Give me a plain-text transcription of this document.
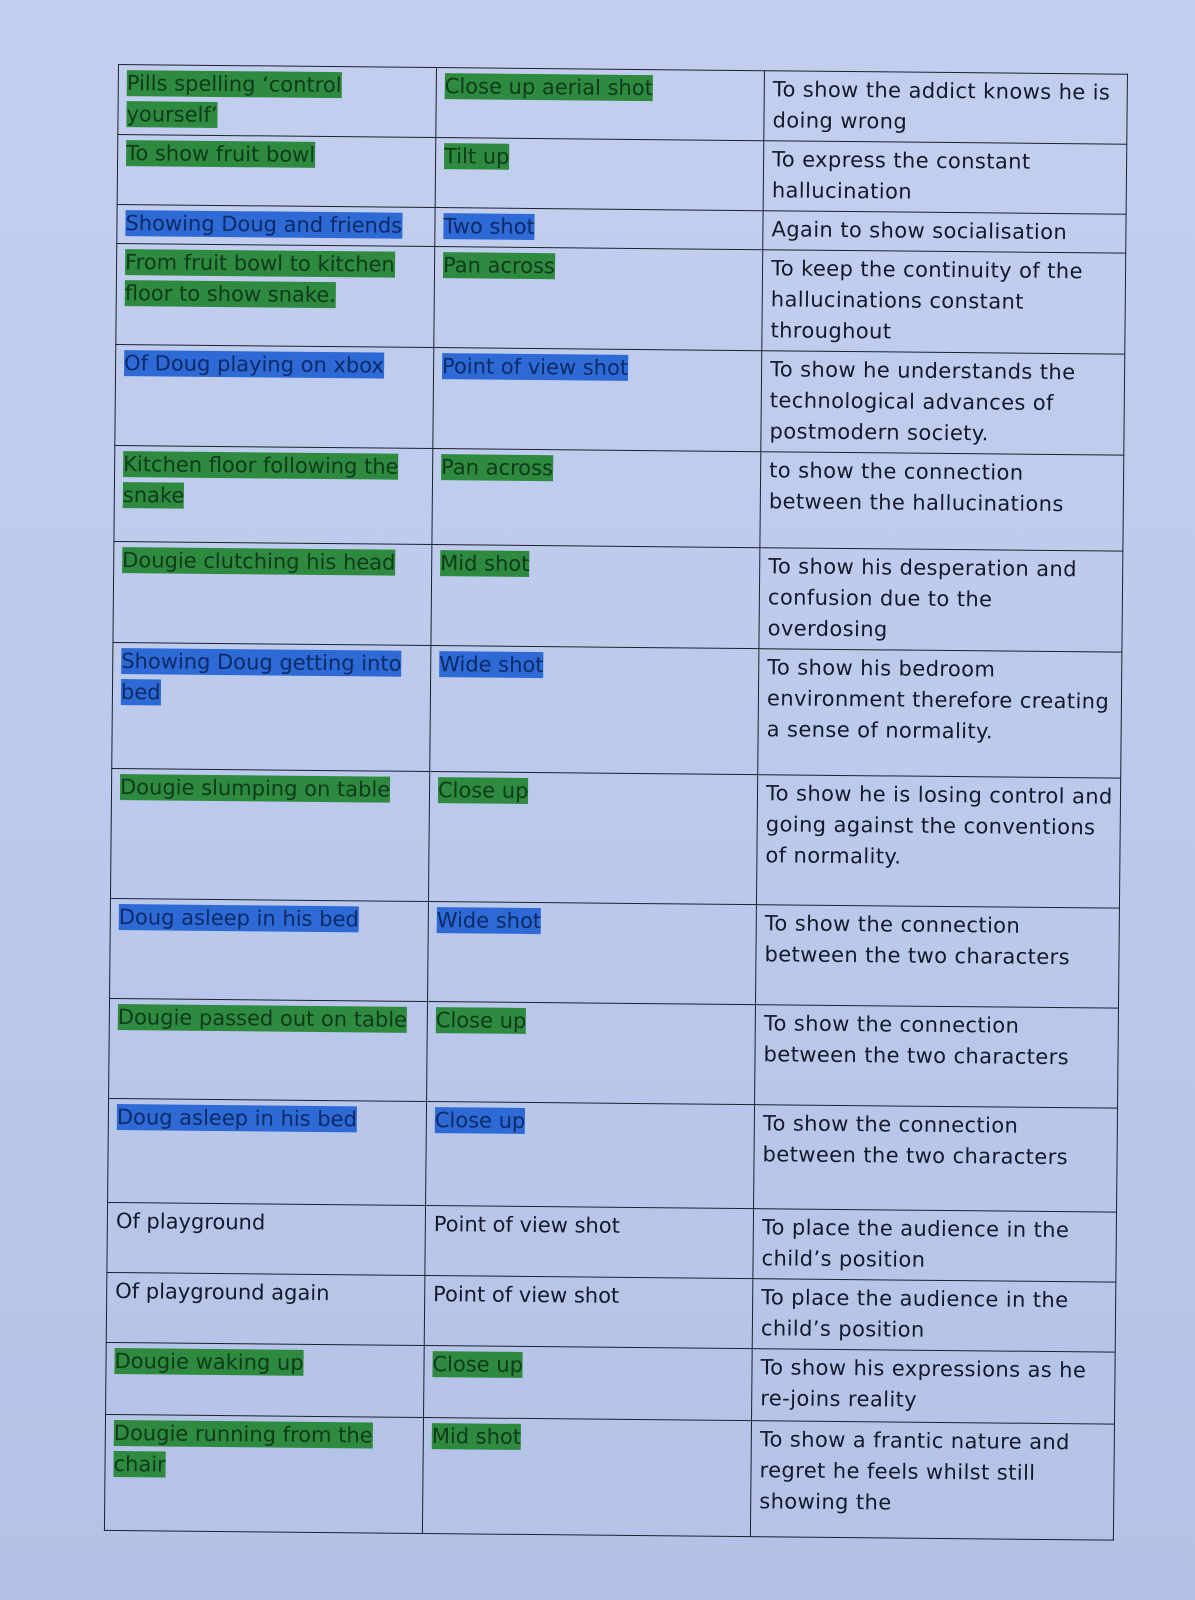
Pills spelling ‘control yourself’	Close up aerial shot	To show the addict knows he is doing wrong
To show fruit bowl	Tilt up	To express the constant hallucination
Showing Doug and friends	Two shot	Again to show socialisation
From fruit bowl to kitchen floor to show snake.	Pan across	To keep the continuity of the hallucinations constant throughout
Of Doug playing on xbox	Point of view shot	To show he understands the technological advances of postmodern society.
Kitchen floor following the snake	Pan across	to show the connection between the hallucinations
Dougie clutching his head	Mid shot	To show his desperation and confusion due to the overdosing
Showing Doug getting into bed	Wide shot	To show his bedroom environment therefore creating a sense of normality.
Dougie slumping on table	Close up	To show he is losing control and going against the conventions of normality.
Doug asleep in his bed	Wide shot	To show the connection between the two characters
Dougie passed out on table	Close up	To show the connection between the two characters
Doug asleep in his bed	Close up	To show the connection between the two characters
Of playground	Point of view shot	To place the audience in the child’s position
Of playground again	Point of view shot	To place the audience in the child’s position
Dougie waking up	Close up	To show his expressions as he re-joins reality
Dougie running from the chair	Mid shot	To show a frantic nature and regret he feels whilst still showing the
